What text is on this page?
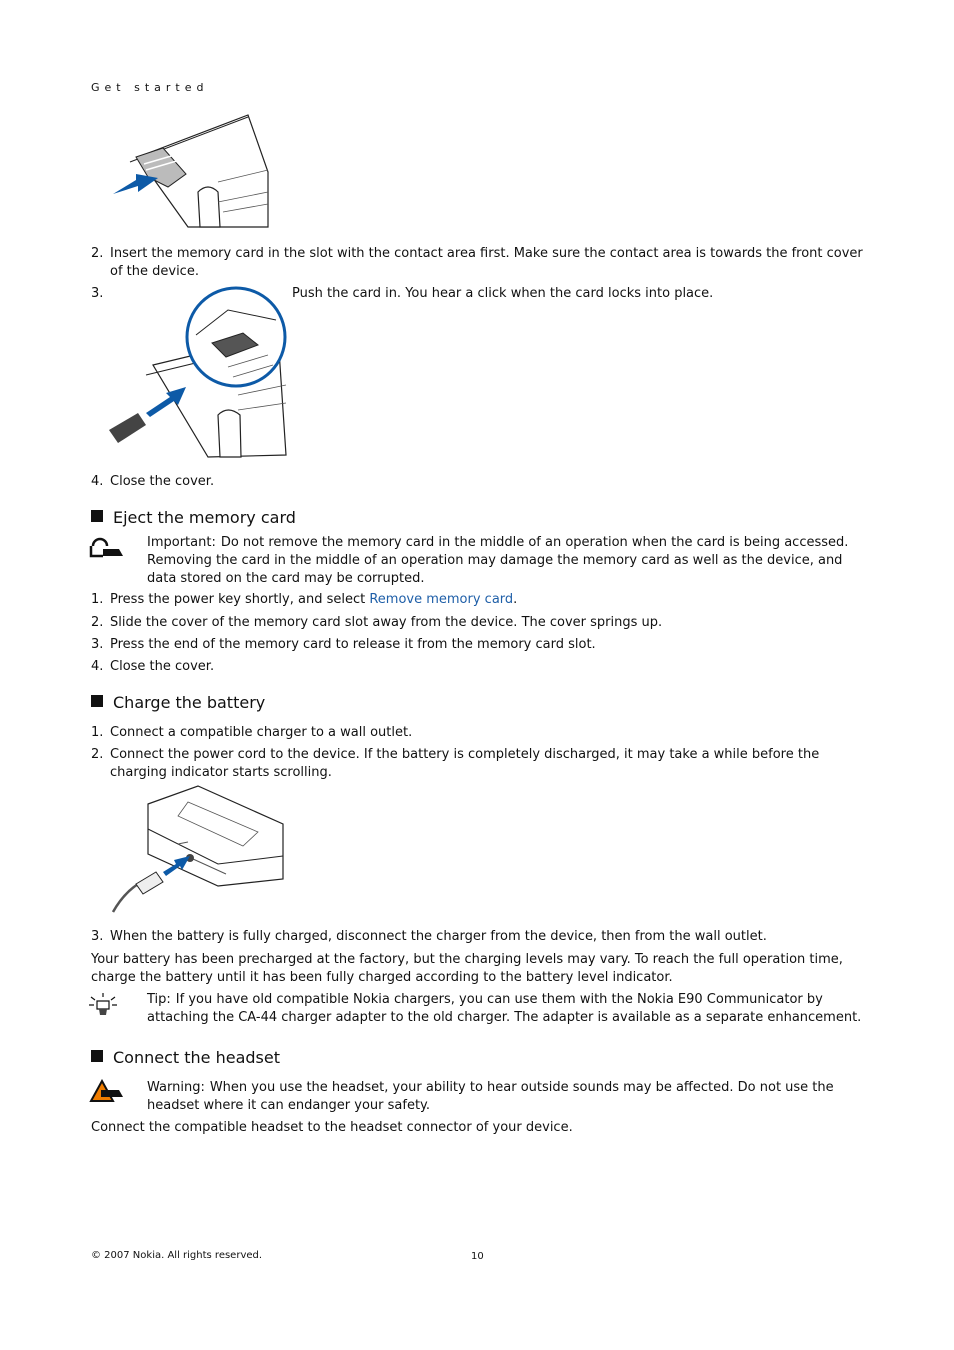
Get started
2. Insert the memory card in the slot with the contact area first. Make sure the contact area is towards the front cover of the device.
3.	Push the card in. You hear a click when the card locks into place.
4. Close the cover.
Eject the memory card
Important: Do not remove the memory card in the middle of an operation when the card is being accessed. Removing the card in the middle of an operation may damage the memory card as well as the device, and data stored on the card may be corrupted.
1. Press the power key shortly, and select Remove memory card.
2. Slide the cover of the memory card slot away from the device. The cover springs up.
3. Press the end of the memory card to release it from the memory card slot.
4. Close the cover.
Charge the battery
1. Connect a compatible charger to a wall outlet.
2. Connect the power cord to the device. If the battery is completely discharged, it may take a while before the charging indicator starts scrolling.
3. When the battery is fully charged, disconnect the charger from the device, then from the wall outlet.
Your battery has been precharged at the factory, but the charging levels may vary. To reach the full operation time, charge the battery until it has been fully charged according to the battery level indicator.
Tip: If you have old compatible Nokia chargers, you can use them with the Nokia E90 Communicator by attaching the CA-44 charger adapter to the old charger. The adapter is available as a separate enhancement.
Connect the headset
Warning: When you use the headset, your ability to hear outside sounds may be affected. Do not use the headset where it can endanger your safety.
Connect the compatible headset to the headset connector of your device.
© 2007 Nokia. All rights reserved.	10
